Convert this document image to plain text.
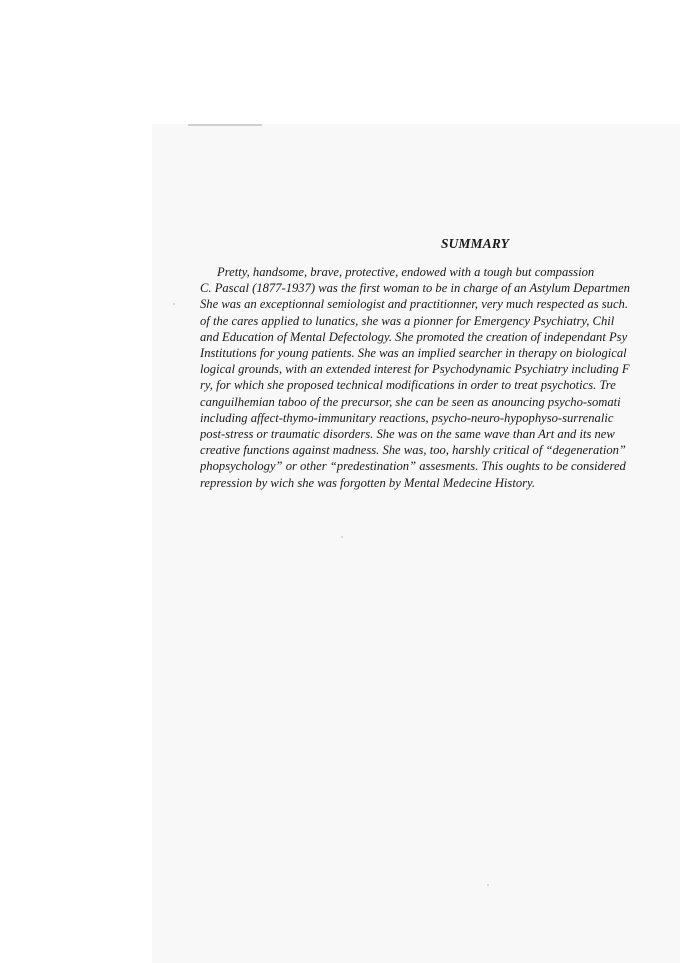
SUMMARY
Pretty, handsome, brave, protective, endowed with a tough but compassion
C. Pascal (1877-1937) was the first woman to be in charge of an Astylum Departmen
She was an exceptionnal semiologist and practitionner, very much respected as such.
of the cares applied to lunatics, she was a pionner for Emergency Psychiatry, Chil
and Education of Mental Defectology. She promoted the creation of independant Psy
Institutions for young patients. She was an implied searcher in therapy on biological
logical grounds, with an extended interest for Psychodynamic Psychiatry including F
ry, for which she proposed technical modifications in order to treat psychotics. Tre
canguilhemian taboo of the precursor, she can be seen as anouncing psycho-somati
including affect-thymo-immunitary reactions, psycho-neuro-hypophyso-surrenalic
post-stress or traumatic disorders. She was on the same wave than Art and its new
creative functions against madness. She was, too, harshly critical of “degeneration”
phopsychology” or other “predestination” assesments. This oughts to be considered
repression by wich she was forgotten by Mental Medecine History.
